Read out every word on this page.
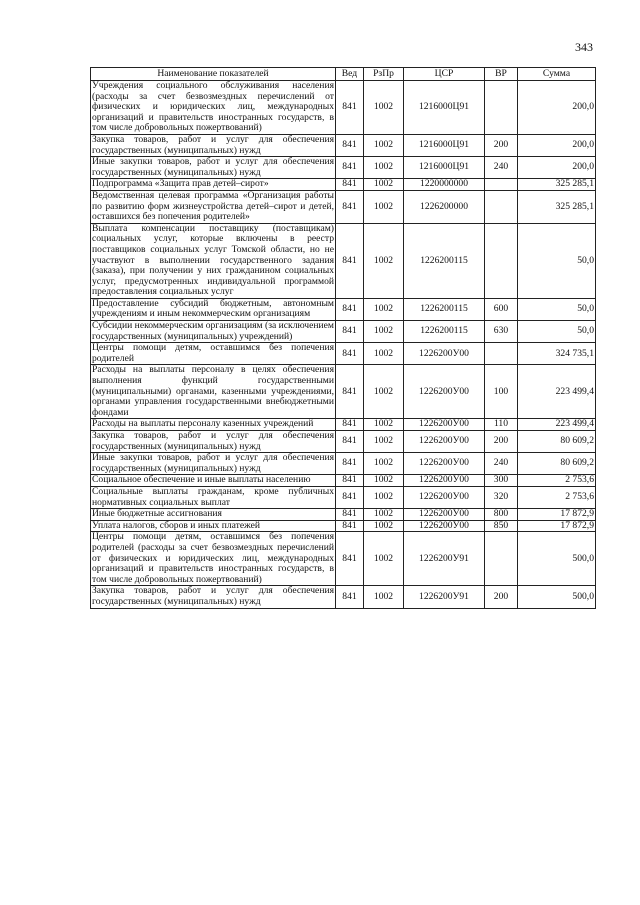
343
Наименование показателей	Вед	РзПр	ЦСР	ВР	Сумма
Учреждения социального обслуживания населения (расходы за счет безвозмездных перечислений от физических и юридических лиц, международных организаций и правительств иностранных государств, в том числе добровольных пожертвований)	841	1002	1216000Ц91		200,0
Закупка товаров, работ и услуг для обеспечения государственных (муниципальных) нужд	841	1002	1216000Ц91	200	200,0
Иные закупки товаров, работ и услуг для обеспечения государственных (муниципальных) нужд	841	1002	1216000Ц91	240	200,0
Подпрограмма «Защита прав детей–сирот»	841	1002	1220000000		325 285,1
Ведомственная целевая программа «Организация работы по развитию форм жизнеустройства детей–сирот и детей, оставшихся без попечения родителей»	841	1002	1226200000		325 285,1
Выплата компенсации поставщику (поставщикам) социальных услуг, которые включены в реестр поставщиков социальных услуг Томской области, но не участвуют в выполнении государственного задания (заказа), при получении у них гражданином социальных услуг, предусмотренных индивидуальной программой предоставления социальных услуг	841	1002	1226200115		50,0
Предоставление субсидий бюджетным, автономным учреждениям и иным некоммерческим организациям	841	1002	1226200115	600	50,0
Субсидии некоммерческим организациям (за исключением государственных (муниципальных) учреждений)	841	1002	1226200115	630	50,0
Центры помощи детям, оставшимся без попечения родителей	841	1002	1226200У00		324 735,1
Расходы на выплаты персоналу в целях обеспечения выполнения функций государственными (муниципальными) органами, казенными учреждениями, органами управления государственными внебюджетными фондами	841	1002	1226200У00	100	223 499,4
Расходы на выплаты персоналу казенных учреждений	841	1002	1226200У00	110	223 499,4
Закупка товаров, работ и услуг для обеспечения государственных (муниципальных) нужд	841	1002	1226200У00	200	80 609,2
Иные закупки товаров, работ и услуг для обеспечения государственных (муниципальных) нужд	841	1002	1226200У00	240	80 609,2
Социальное обеспечение и иные выплаты населению	841	1002	1226200У00	300	2 753,6
Социальные выплаты гражданам, кроме публичных нормативных социальных выплат	841	1002	1226200У00	320	2 753,6
Иные бюджетные ассигнования	841	1002	1226200У00	800	17 872,9
Уплата налогов, сборов и иных платежей	841	1002	1226200У00	850	17 872,9
Центры помощи детям, оставшимся без попечения родителей (расходы за счет безвозмездных перечислений от физических и юридических лиц, международных организаций и правительств иностранных государств, в том числе добровольных пожертвований)	841	1002	1226200У91		500,0
Закупка товаров, работ и услуг для обеспечения государственных (муниципальных) нужд	841	1002	1226200У91	200	500,0
